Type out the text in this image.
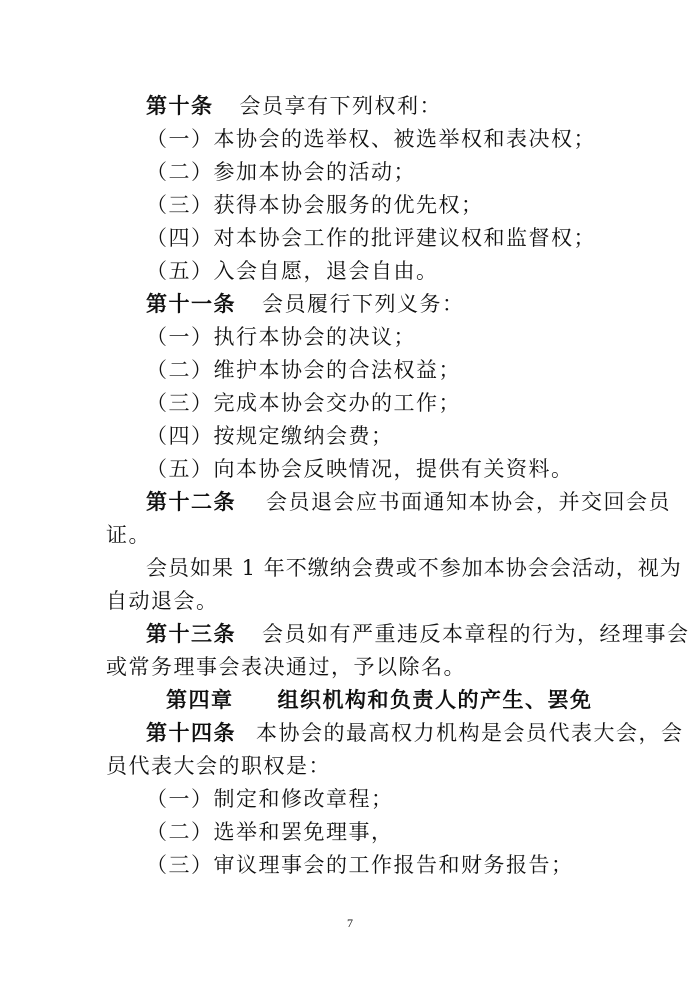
第十条 会员享有下列权利：
（一）本协会的选举权、被选举权和表决权；
（二）参加本协会的活动；
（三）获得本协会服务的优先权；
（四）对本协会工作的批评建议权和监督权；
（五）入会自愿，退会自由。
第十一条 会员履行下列义务：
（一）执行本协会的决议；
（二）维护本协会的合法权益；
（三）完成本协会交办的工作；
（四）按规定缴纳会费；
（五）向本协会反映情况，提供有关资料。
第十二条 会员退会应书面通知本协会，并交回会员
证。
会员如果 1 年不缴纳会费或不参加本协会会活动，视为
自动退会。
第十三条 会员如有严重违反本章程的行为，经理事会
或常务理事会表决通过，予以除名。
第四章 组织机构和负责人的产生、罢免
第十四条 本协会的最高权力机构是会员代表大会，会
员代表大会的职权是：
（一）制定和修改章程；
（二）选举和罢免理事，
（三）审议理事会的工作报告和财务报告；
7
